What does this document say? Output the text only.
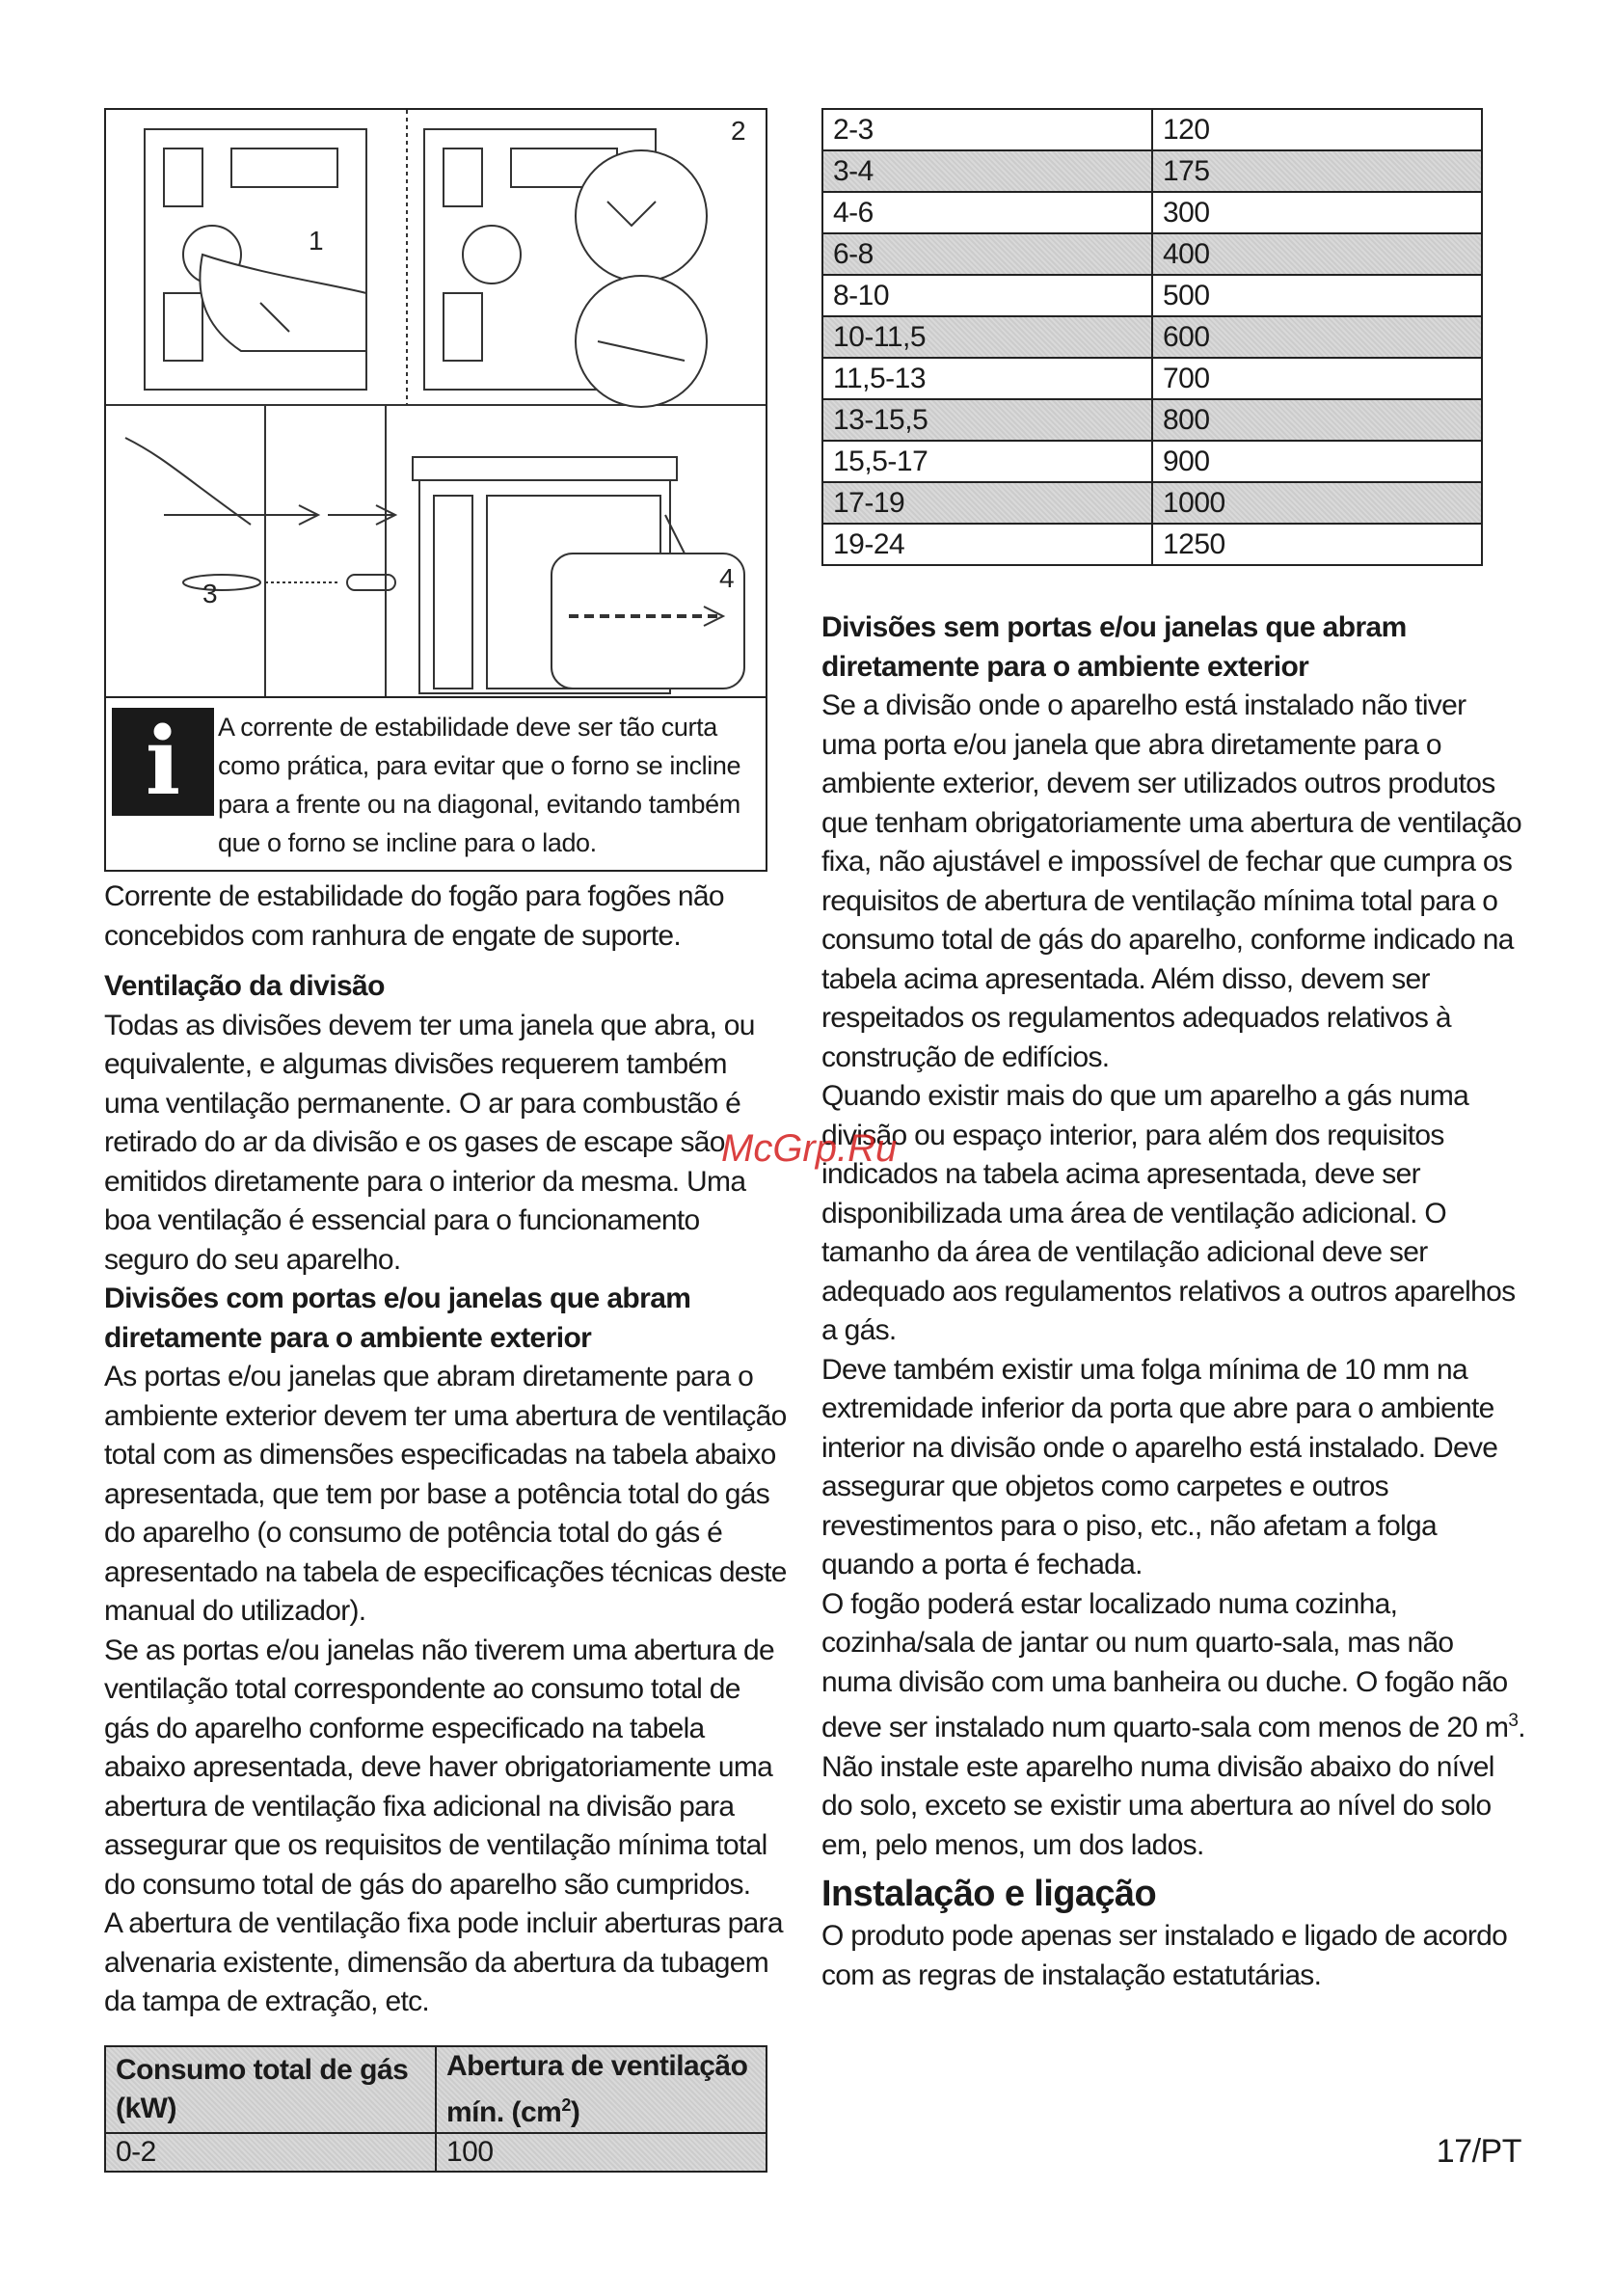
1
2
3
4
i A corrente de estabilidade deve ser tão curta como prática, para evitar que o forno se incline para a frente ou na diagonal, evitando também que o forno se incline para o lado.

Corrente de estabilidade do fogão para fogões não concebidos com ranhura de engate de suporte.

Ventilação da divisão

Todas as divisões devem ter uma janela que abra, ou equivalente, e algumas divisões requerem também uma ventilação permanente. O ar para combustão é retirado do ar da divisão e os gases de escape são emitidos diretamente para o interior da mesma. Uma boa ventilação é essencial para o funcionamento seguro do seu aparelho.

Divisões com portas e/ou janelas que abram diretamente para o ambiente exterior

As portas e/ou janelas que abram diretamente para o ambiente exterior devem ter uma abertura de ventilação total com as dimensões especificadas na tabela abaixo apresentada, que tem por base a potência total do gás do aparelho (o consumo de potência total do gás é apresentado na tabela de especificações técnicas deste manual do utilizador).

Se as portas e/ou janelas não tiverem uma abertura de ventilação total correspondente ao consumo total de gás do aparelho conforme especificado na tabela abaixo apresentada, deve haver obrigatoriamente uma abertura de ventilação fixa adicional na divisão para assegurar que os requisitos de ventilação mínima total do consumo total de gás do aparelho são cumpridos.

A abertura de ventilação fixa pode incluir aberturas para alvenaria existente, dimensão da abertura da tubagem da tampa de extração, etc.

Consumo total de gás (kW)	Abertura de ventilação mín. $(cm^2)$
0-2	100
2-3	120
3-4	175
4-6	300
6-8	400
8-10	500
10-11,5	600
11,5-13	700
13-15,5	800
15,5-17	900
17-19	1000
19-24	1250
Divisões sem portas e/ou janelas que abram diretamente para o ambiente exterior

Se a divisão onde o aparelho está instalado não tiver uma porta e/ou janela que abra diretamente para o ambiente exterior, devem ser utilizados outros produtos que tenham obrigatoriamente uma abertura de ventilação fixa, não ajustável e impossível de fechar que cumpra os requisitos de abertura de ventilação mínima total para o consumo total de gás do aparelho, conforme indicado na tabela acima apresentada. Além disso, devem ser respeitados os regulamentos adequados relativos à construção de edifícios.

Quando existir mais do que um aparelho a gás numa divisão ou espaço interior, para além dos requisitos indicados na tabela acima apresentada, deve ser disponibilizada uma área de ventilação adicional. O tamanho da área de ventilação adicional deve ser adequado aos regulamentos relativos a outros aparelhos a gás.

Deve também existir uma folga mínima de 10 mm na extremidade inferior da porta que abre para o ambiente interior na divisão onde o aparelho está instalado. Deve assegurar que objetos como carpetes e outros revestimentos para o piso, etc., não afetam a folga quando a porta é fechada.

O fogão poderá estar localizado numa cozinha, cozinha/sala de jantar ou num quarto-sala, mas não numa divisão com uma banheira ou duche. O fogão não deve ser instalado num quarto-sala com menos de 20 $m^3$.

Não instale este aparelho numa divisão abaixo do nível do solo, exceto se existir uma abertura ao nível do solo em, pelo menos, um dos lados.

Instalação e ligação

O produto pode apenas ser instalado e ligado de acordo com as regras de instalação estatutárias.

McGrp.Ru
17/PT
